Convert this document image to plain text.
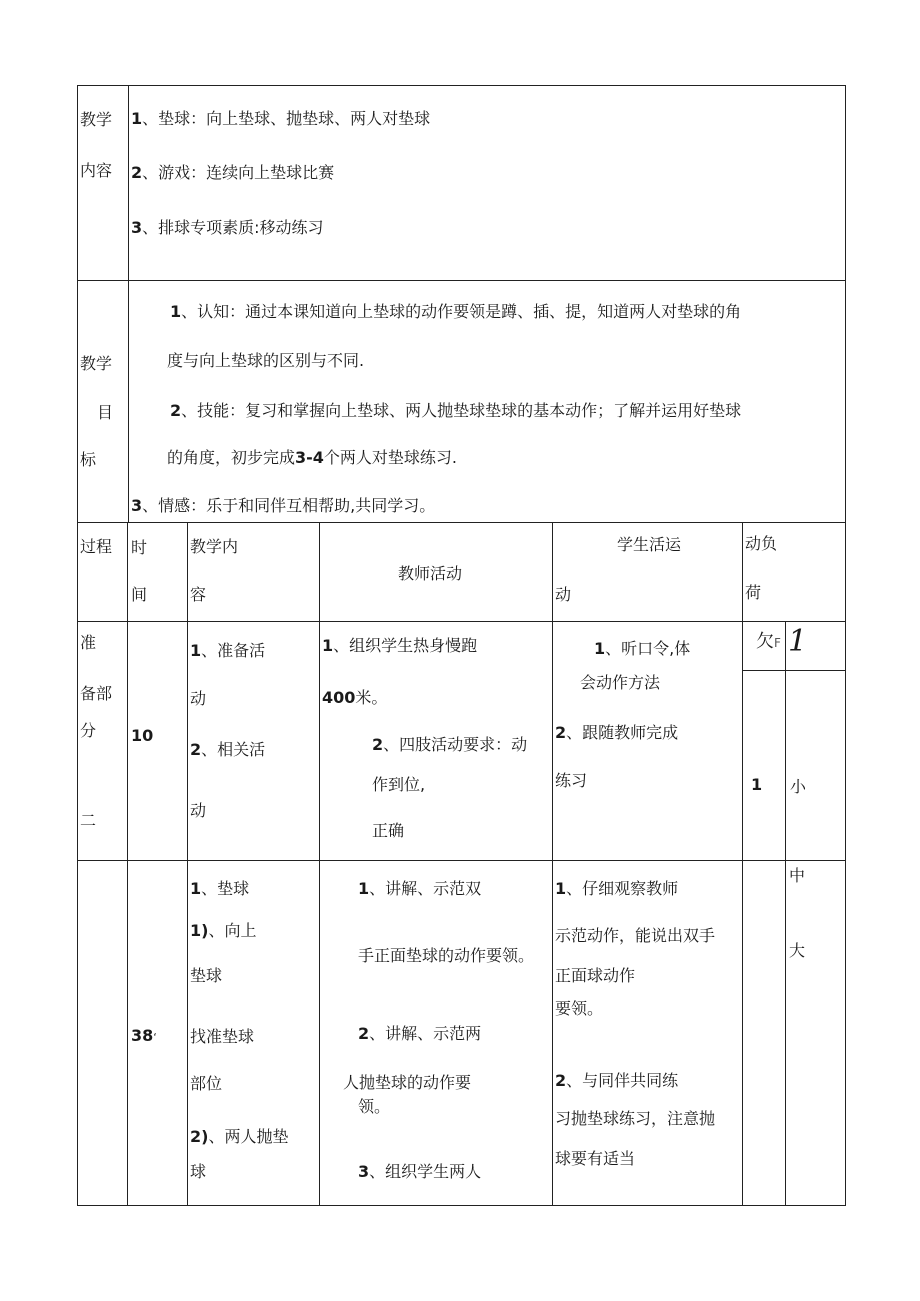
教学
内容
1、垫球：向上垫球、抛垫球、两人对垫球
2、游戏：连续向上垫球比赛
3、排球专项素质:移动练习
教学
目
标
1、认知：通过本课知道向上垫球的动作要领是蹲、插、提，知道两人对垫球的角
度与向上垫球的区别与不同.
2、技能：复习和掌握向上垫球、两人抛垫球垫球的基本动作；了解并运用好垫球
的角度，初步完成3-4个两人对垫球练习.
3、情感：乐于和同伴互相帮助,共同学习。
过程 时
间
教学内
容
教师活动
学生活运
动
动负
荷
准
备部
分
二
10
1、准备活
动
2、相关活
动
1、组织学生热身慢跑
400米。
2、四肢活动要求：动
作到位,
正确
1、听口令,体
会动作方法
2、跟随教师完成
练习
欠F 1
1 小
38‘
1、垫球
1)、向上
垫球
找准垫球
部位
2)、两人抛垫
球
1、讲解、示范双
手正面垫球的动作要领。
2、讲解、示范两
人抛垫球的动作要
领。
3、组织学生两人
1、仔细观察教师
示范动作，能说出双手
正面球动作
要领。
2、与同伴共同练
习抛垫球练习，注意抛
球要有适当
中
大
